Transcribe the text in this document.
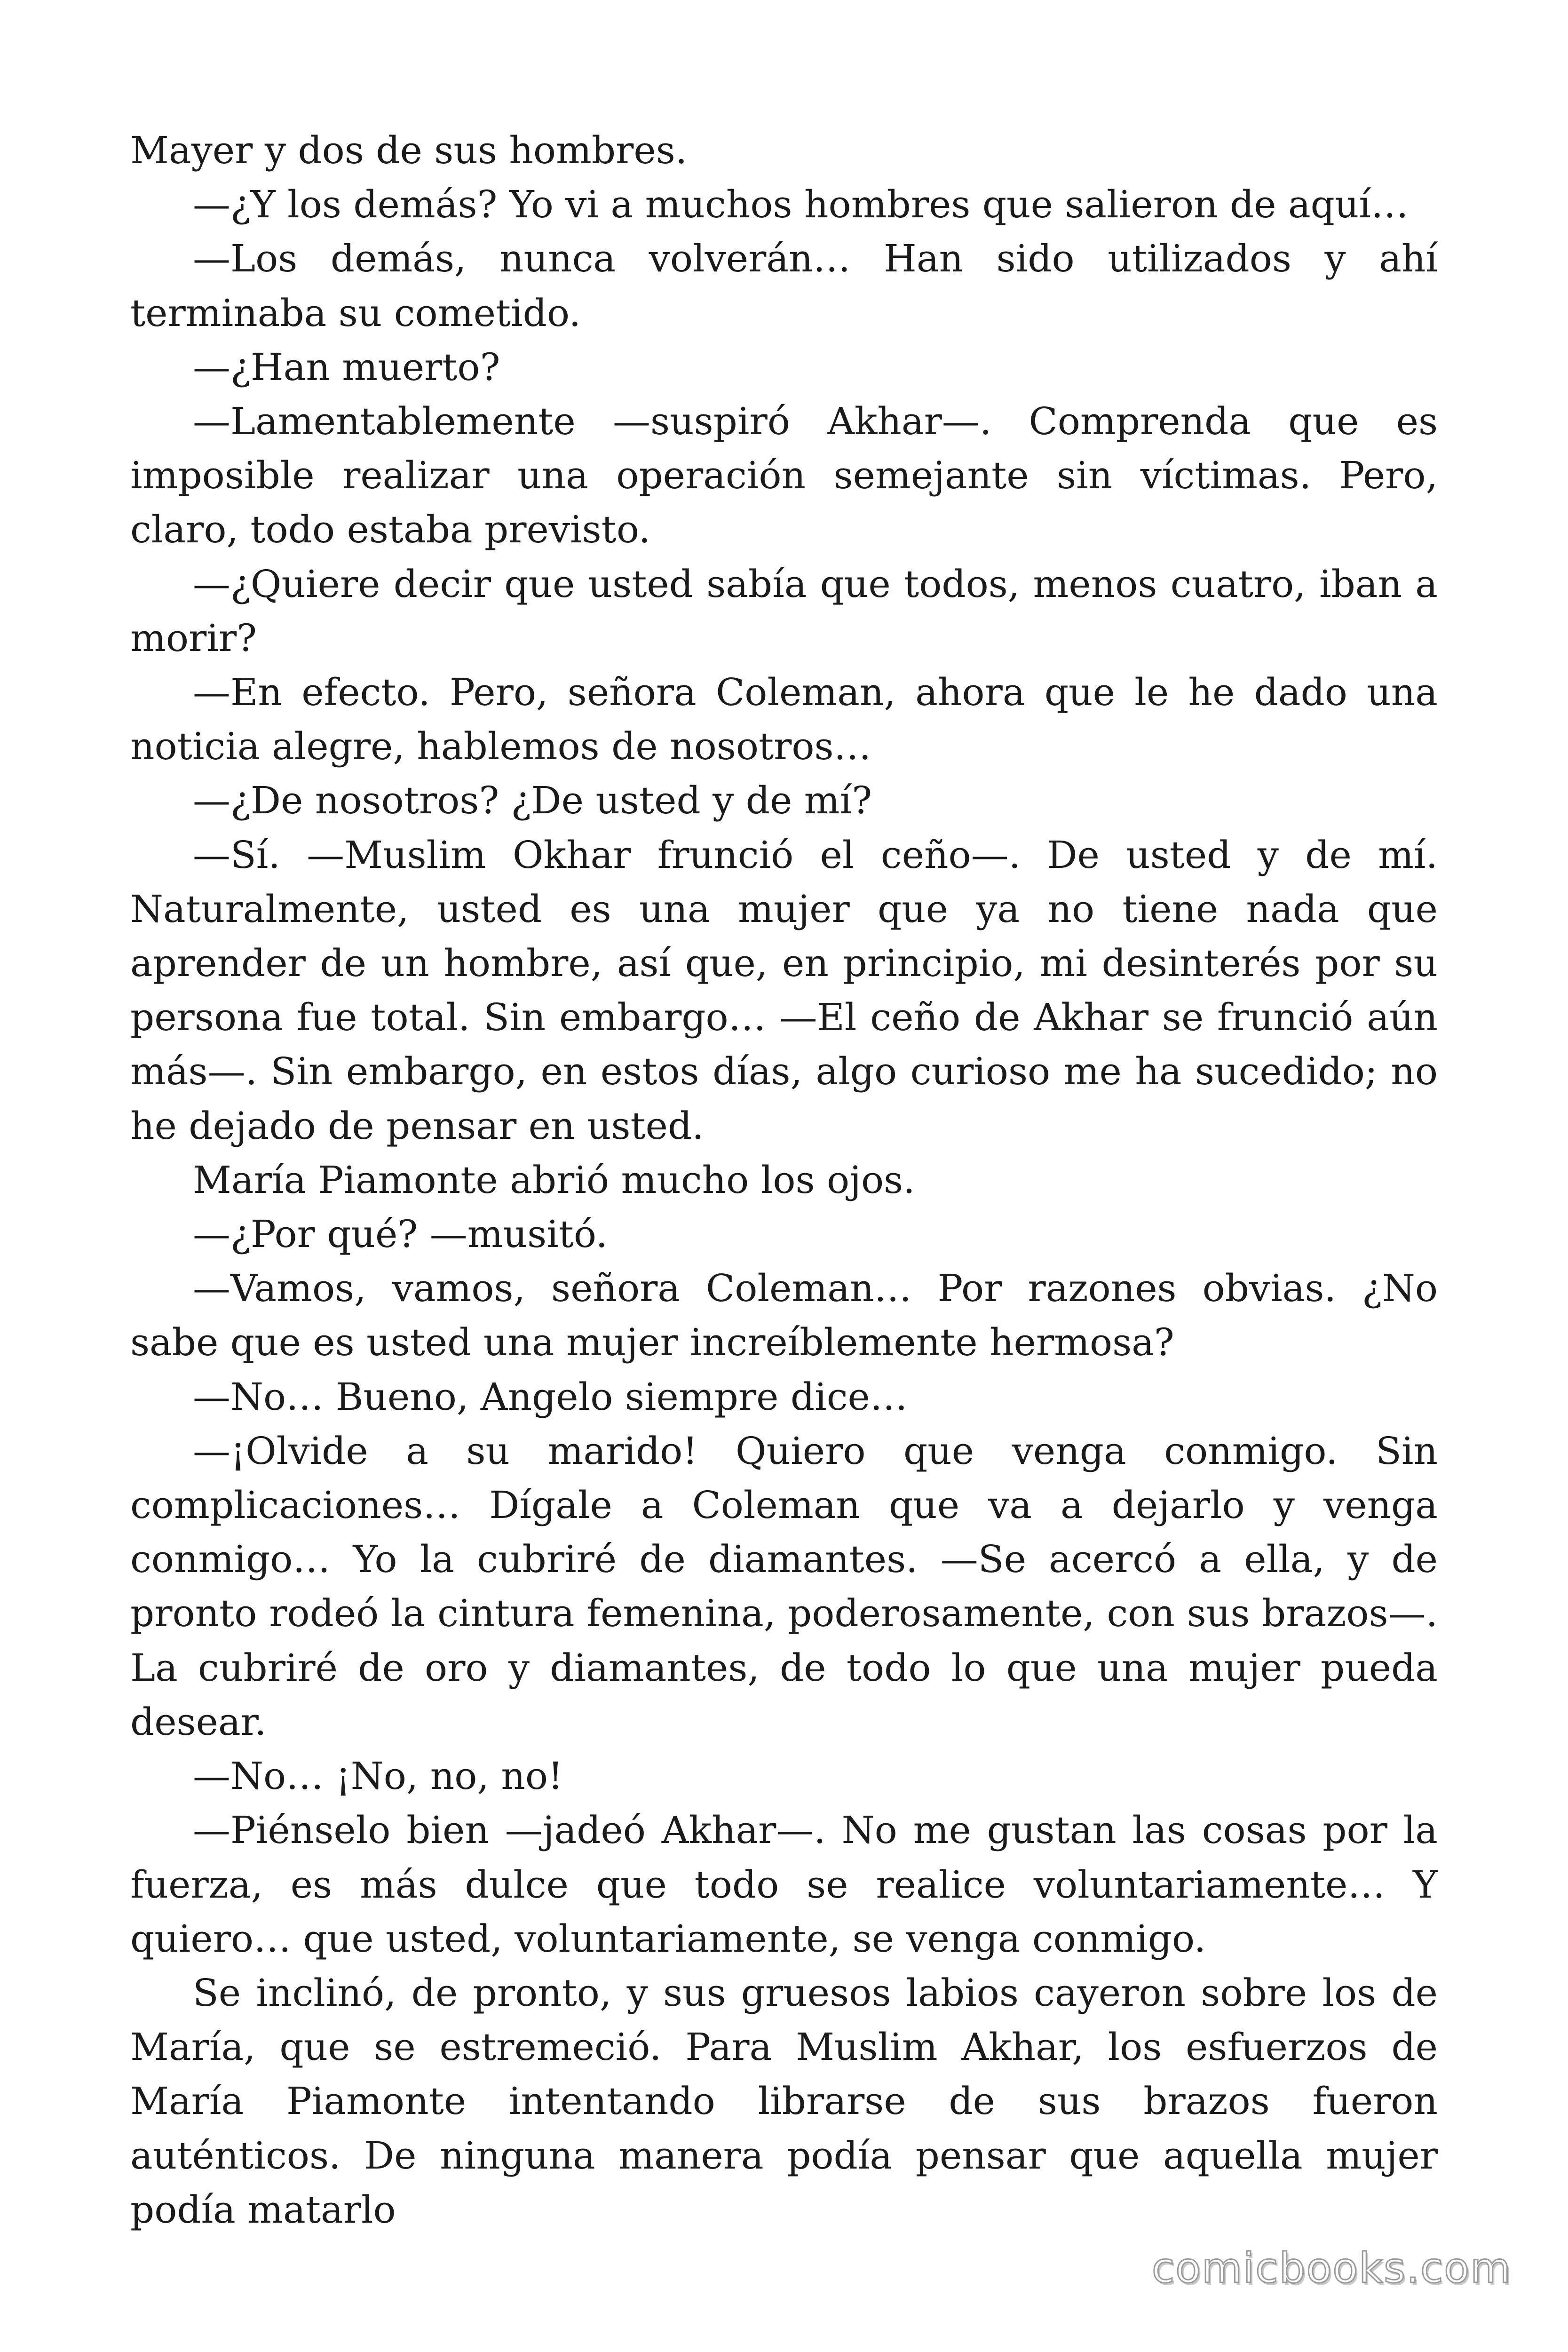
Mayer y dos de sus hombres.

—¿Y los demás? Yo vi a muchos hombres que salieron de aquí…

—Los demás, nunca volverán… Han sido utilizados y ahí terminaba su cometido.

—¿Han muerto?

—Lamentablemente —suspiró Akhar—. Comprenda que es imposible realizar una operación semejante sin víctimas. Pero, claro, todo estaba previsto.

—¿Quiere decir que usted sabía que todos, menos cuatro, iban a morir?

—En efecto. Pero, señora Coleman, ahora que le he dado una noticia alegre, hablemos de nosotros…

—¿De nosotros? ¿De usted y de mí?

—Sí. —Muslim Okhar frunció el ceño—. De usted y de mí. Naturalmente, usted es una mujer que ya no tiene nada que aprender de un hombre, así que, en principio, mi desinterés por su persona fue total. Sin embargo… —El ceño de Akhar se frunció aún más—. Sin embargo, en estos días, algo curioso me ha sucedido; no he dejado de pensar en usted.

María Piamonte abrió mucho los ojos.

—¿Por qué? —musitó.

—Vamos, vamos, señora Coleman… Por razones obvias. ¿No sabe que es usted una mujer increíblemente hermosa?

—No… Bueno, Angelo siempre dice…

—¡Olvide a su marido! Quiero que venga conmigo. Sin complicaciones… Dígale a Coleman que va a dejarlo y venga conmigo… Yo la cubriré de diamantes. —Se acercó a ella, y de pronto rodeó la cintura femenina, poderosamente, con sus brazos—. La cubriré de oro y diamantes, de todo lo que una mujer pueda desear.

—No… ¡No, no, no!

—Piénselo bien —jadeó Akhar—. No me gustan las cosas por la fuerza, es más dulce que todo se realice voluntariamente… Y quiero… que usted, voluntariamente, se venga conmigo.

Se inclinó, de pronto, y sus gruesos labios cayeron sobre los de María, que se estremeció. Para Muslim Akhar, los esfuerzos de María Piamonte intentando librarse de sus brazos fueron auténticos. De ninguna manera podía pensar que aquella mujer podía matarlo

comicbooks.com
